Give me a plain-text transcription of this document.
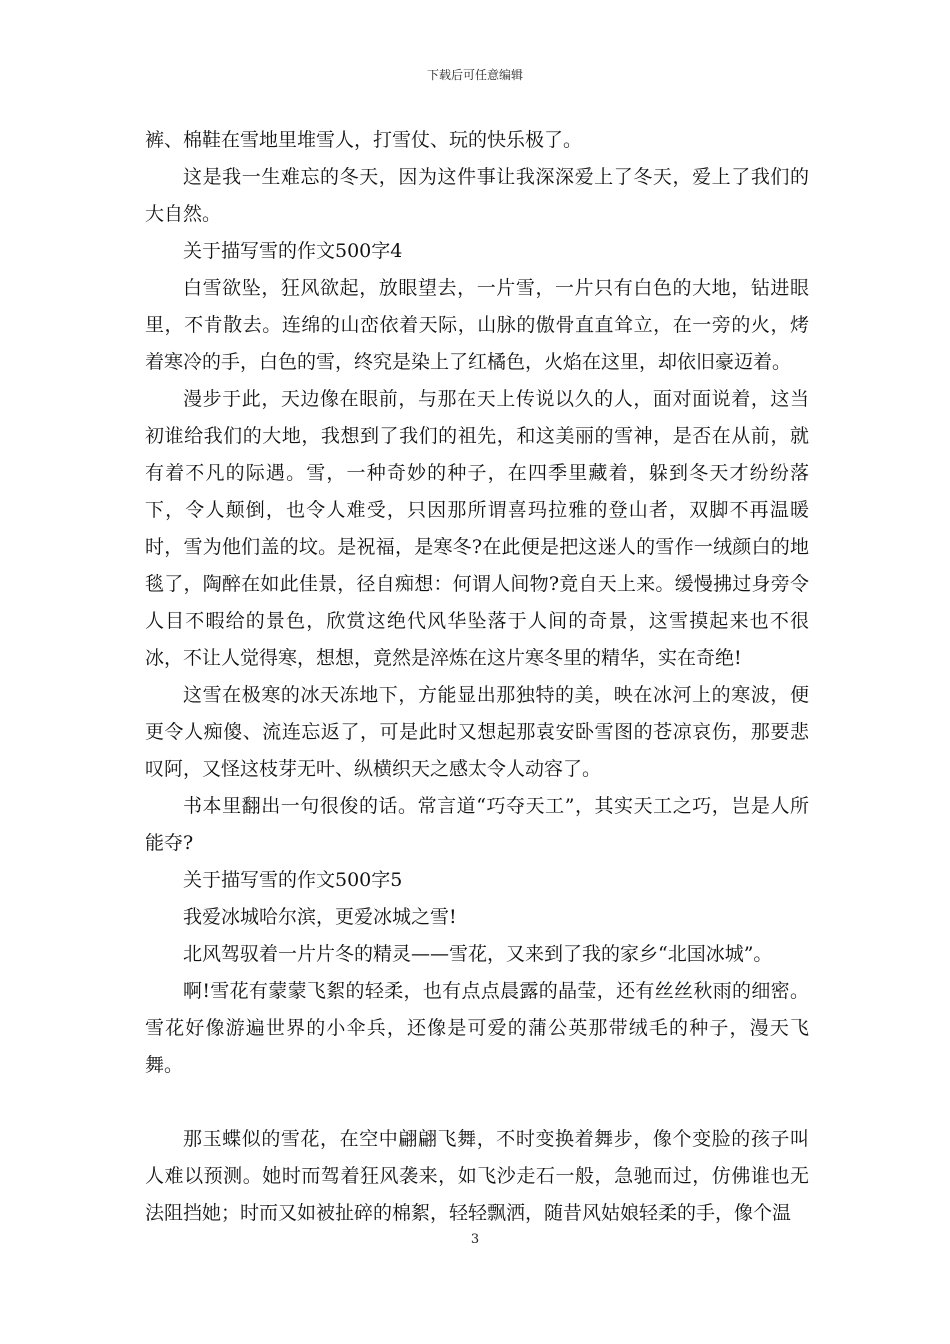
下载后可任意编辑

裤、棉鞋在雪地里堆雪人，打雪仗、玩的快乐极了。

这是我一生难忘的冬天，因为这件事让我深深爱上了冬天，爱上了我们的大自然。

关于描写雪的作文500字4

白雪欲坠，狂风欲起，放眼望去，一片雪，一片只有白色的大地，钻进眼里，不肯散去。连绵的山峦依着天际，山脉的傲骨直直耸立，在一旁的火，烤着寒冷的手，白色的雪，终究是染上了红橘色，火焰在这里，却依旧豪迈着。

漫步于此，天边像在眼前，与那在天上传说以久的人，面对面说着，这当初谁给我们的大地，我想到了我们的祖先，和这美丽的雪神，是否在从前，就有着不凡的际遇。雪，一种奇妙的种子，在四季里藏着，躲到冬天才纷纷落下，令人颠倒，也令人难受，只因那所谓喜玛拉雅的登山者，双脚不再温暖时，雪为他们盖的坟。是祝福，是寒冬?在此便是把这迷人的雪作一绒颜白的地毯了，陶醉在如此佳景，径自痴想：何谓人间物?竟自天上来。缓慢拂过身旁令人目不暇给的景色，欣赏这绝代风华坠落于人间的奇景，这雪摸起来也不很冰，不让人觉得寒，想想，竟然是淬炼在这片寒冬里的精华，实在奇绝!

这雪在极寒的冰天冻地下，方能显出那独特的美，映在冰河上的寒波，便更令人痴傻、流连忘返了，可是此时又想起那袁安卧雪图的苍凉哀伤，那要悲叹阿，又怪这枝芽无叶、纵横织天之感太令人动容了。

书本里翻出一句很俊的话。常言道“巧夺天工”，其实天工之巧，岂是人所能夺?

关于描写雪的作文500字5

我爱冰城哈尔滨，更爱冰城之雪!

北风驾驭着一片片冬的精灵——雪花，又来到了我的家乡“北国冰城”。

啊!雪花有蒙蒙飞絮的轻柔，也有点点晨露的晶莹，还有丝丝秋雨的细密。雪花好像游遍世界的小伞兵，还像是可爱的蒲公英那带绒毛的种子，漫天飞舞。

那玉蝶似的雪花，在空中翩翩飞舞，不时变换着舞步，像个变脸的孩子叫人难以预测。她时而驾着狂风袭来，如飞沙走石一般，急驰而过，仿佛谁也无法阻挡她；时而又如被扯碎的棉絮，轻轻飘洒，随昔风姑娘轻柔的手，像个温

3
